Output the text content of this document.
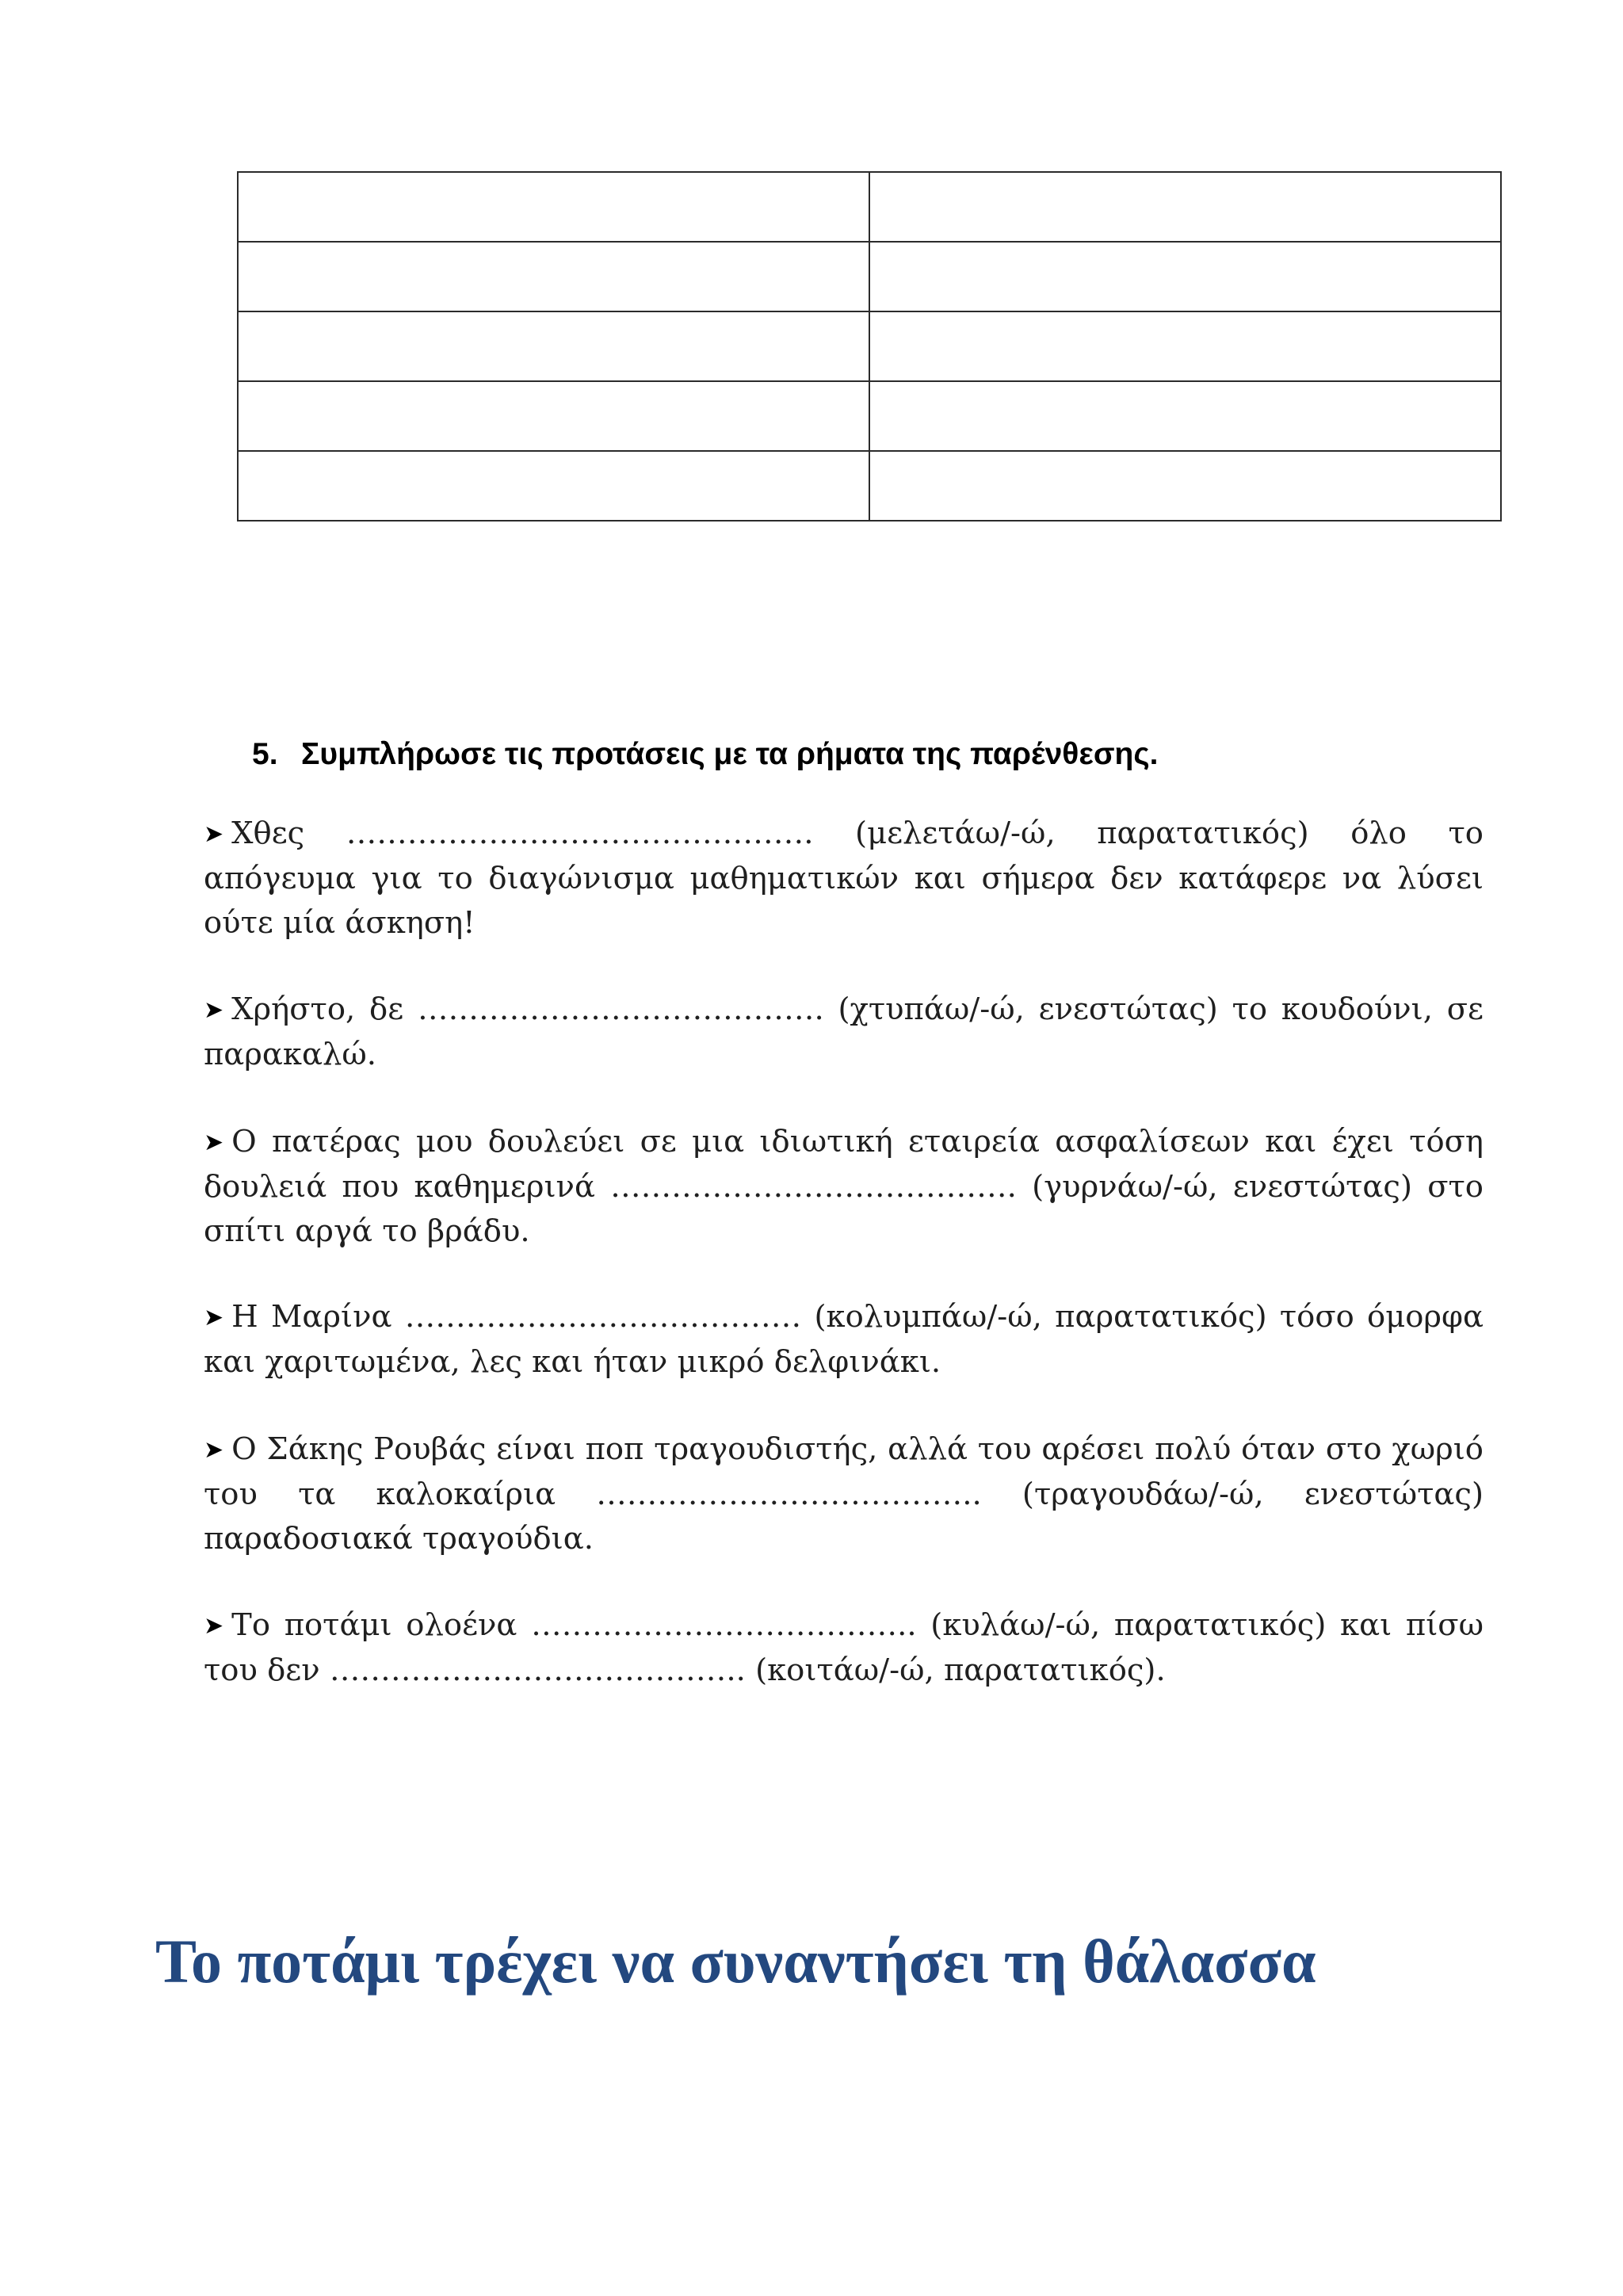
5. Συμπλήρωσε τις προτάσεις με τα ρήματα της παρένθεσης.

➤ Χθες ………………………………………. (μελετάω/-ώ, παρατατικός) όλο το απόγευμα για το διαγώνισμα μαθηματικών και σήμερα δεν κατάφερε να λύσει ούτε μία άσκηση!

➤ Χρήστο, δε …………………………………. (χτυπάω/-ώ, ενεστώτας) το κουδούνι, σε παρακαλώ.

➤ Ο πατέρας μου δουλεύει σε μια ιδιωτική εταιρεία ασφαλίσεων και έχει τόση δουλειά που καθημερινά …………………………………. (γυρνάω/-ώ, ενεστώτας) στο σπίτι αργά το βράδυ.

➤ Η Μαρίνα ………………………………… (κολυμπάω/-ώ, παρατατικός) τόσο όμορφα και χαριτωμένα, λες και ήταν μικρό δελφινάκι.

➤ Ο Σάκης Ρουβάς είναι ποπ τραγουδιστής, αλλά του αρέσει πολύ όταν στο χωριό του τα καλοκαίρια ……………………………….. (τραγουδάω/-ώ, ενεστώτας) παραδοσιακά τραγούδια.

➤ Το ποτάμι ολοένα ……………………………….. (κυλάω/-ώ, παρατατικός) και πίσω του δεν ………………………………….. (κοιτάω/-ώ, παρατατικός).

Το ποτάμι τρέχει να συναντήσει τη θάλασσα
